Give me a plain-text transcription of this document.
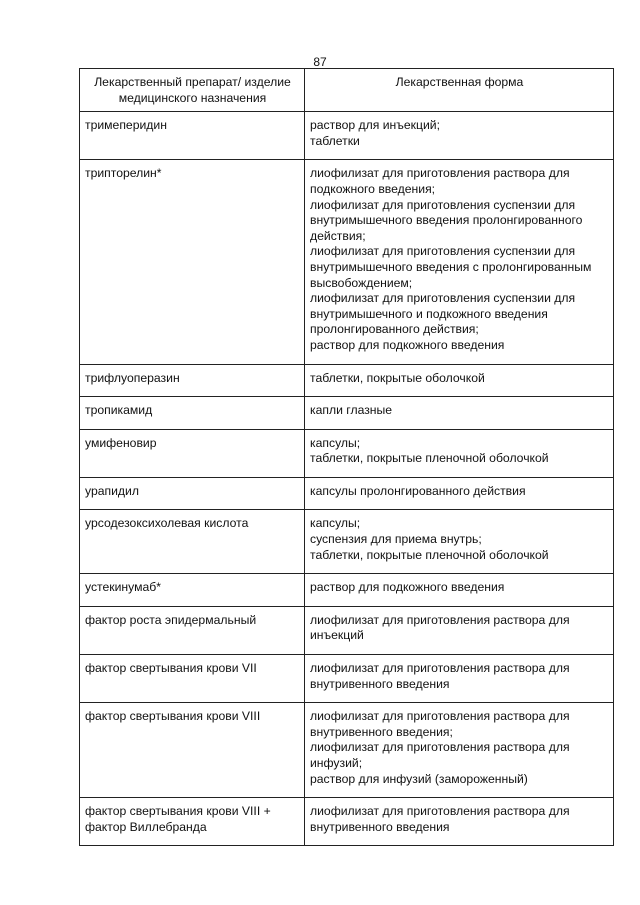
87
Лекарственный препарат/ изделие медицинского назначения	Лекарственная форма
тримеперидин	раствор для инъекций;
таблетки

трипторелин*	лиофилизат для приготовления раствора для подкожного введения;
лиофилизат для приготовления суспензии для внутримышечного введения пролонгированного действия;
лиофилизат для приготовления суспензии для внутримышечного введения с пролонгированным высвобождением;
лиофилизат для приготовления суспензии для внутримышечного и подкожного введения пролонгированного действия;
раствор для подкожного введения

трифлуоперазин	таблетки, покрытые оболочкой

тропикамид	капли глазные

умифеновир	капсулы;
таблетки, покрытые пленочной оболочкой

урапидил	капсулы пролонгированного действия

урсодезоксихолевая кислота	капсулы;
суспензия для приема внутрь;
таблетки, покрытые пленочной оболочкой

устекинумаб*	раствор для подкожного введения

фактор роста эпидермальный	лиофилизат для приготовления раствора для инъекций

фактор свертывания крови VII	лиофилизат для приготовления раствора для внутривенного введения

фактор свертывания крови VIII	лиофилизат для приготовления раствора для внутривенного введения;
лиофилизат для приготовления раствора для инфузий;
раствор для инфузий (замороженный)

фактор свертывания крови VIII + фактор Виллебранда	лиофилизат для приготовления раствора для внутривенного введения
